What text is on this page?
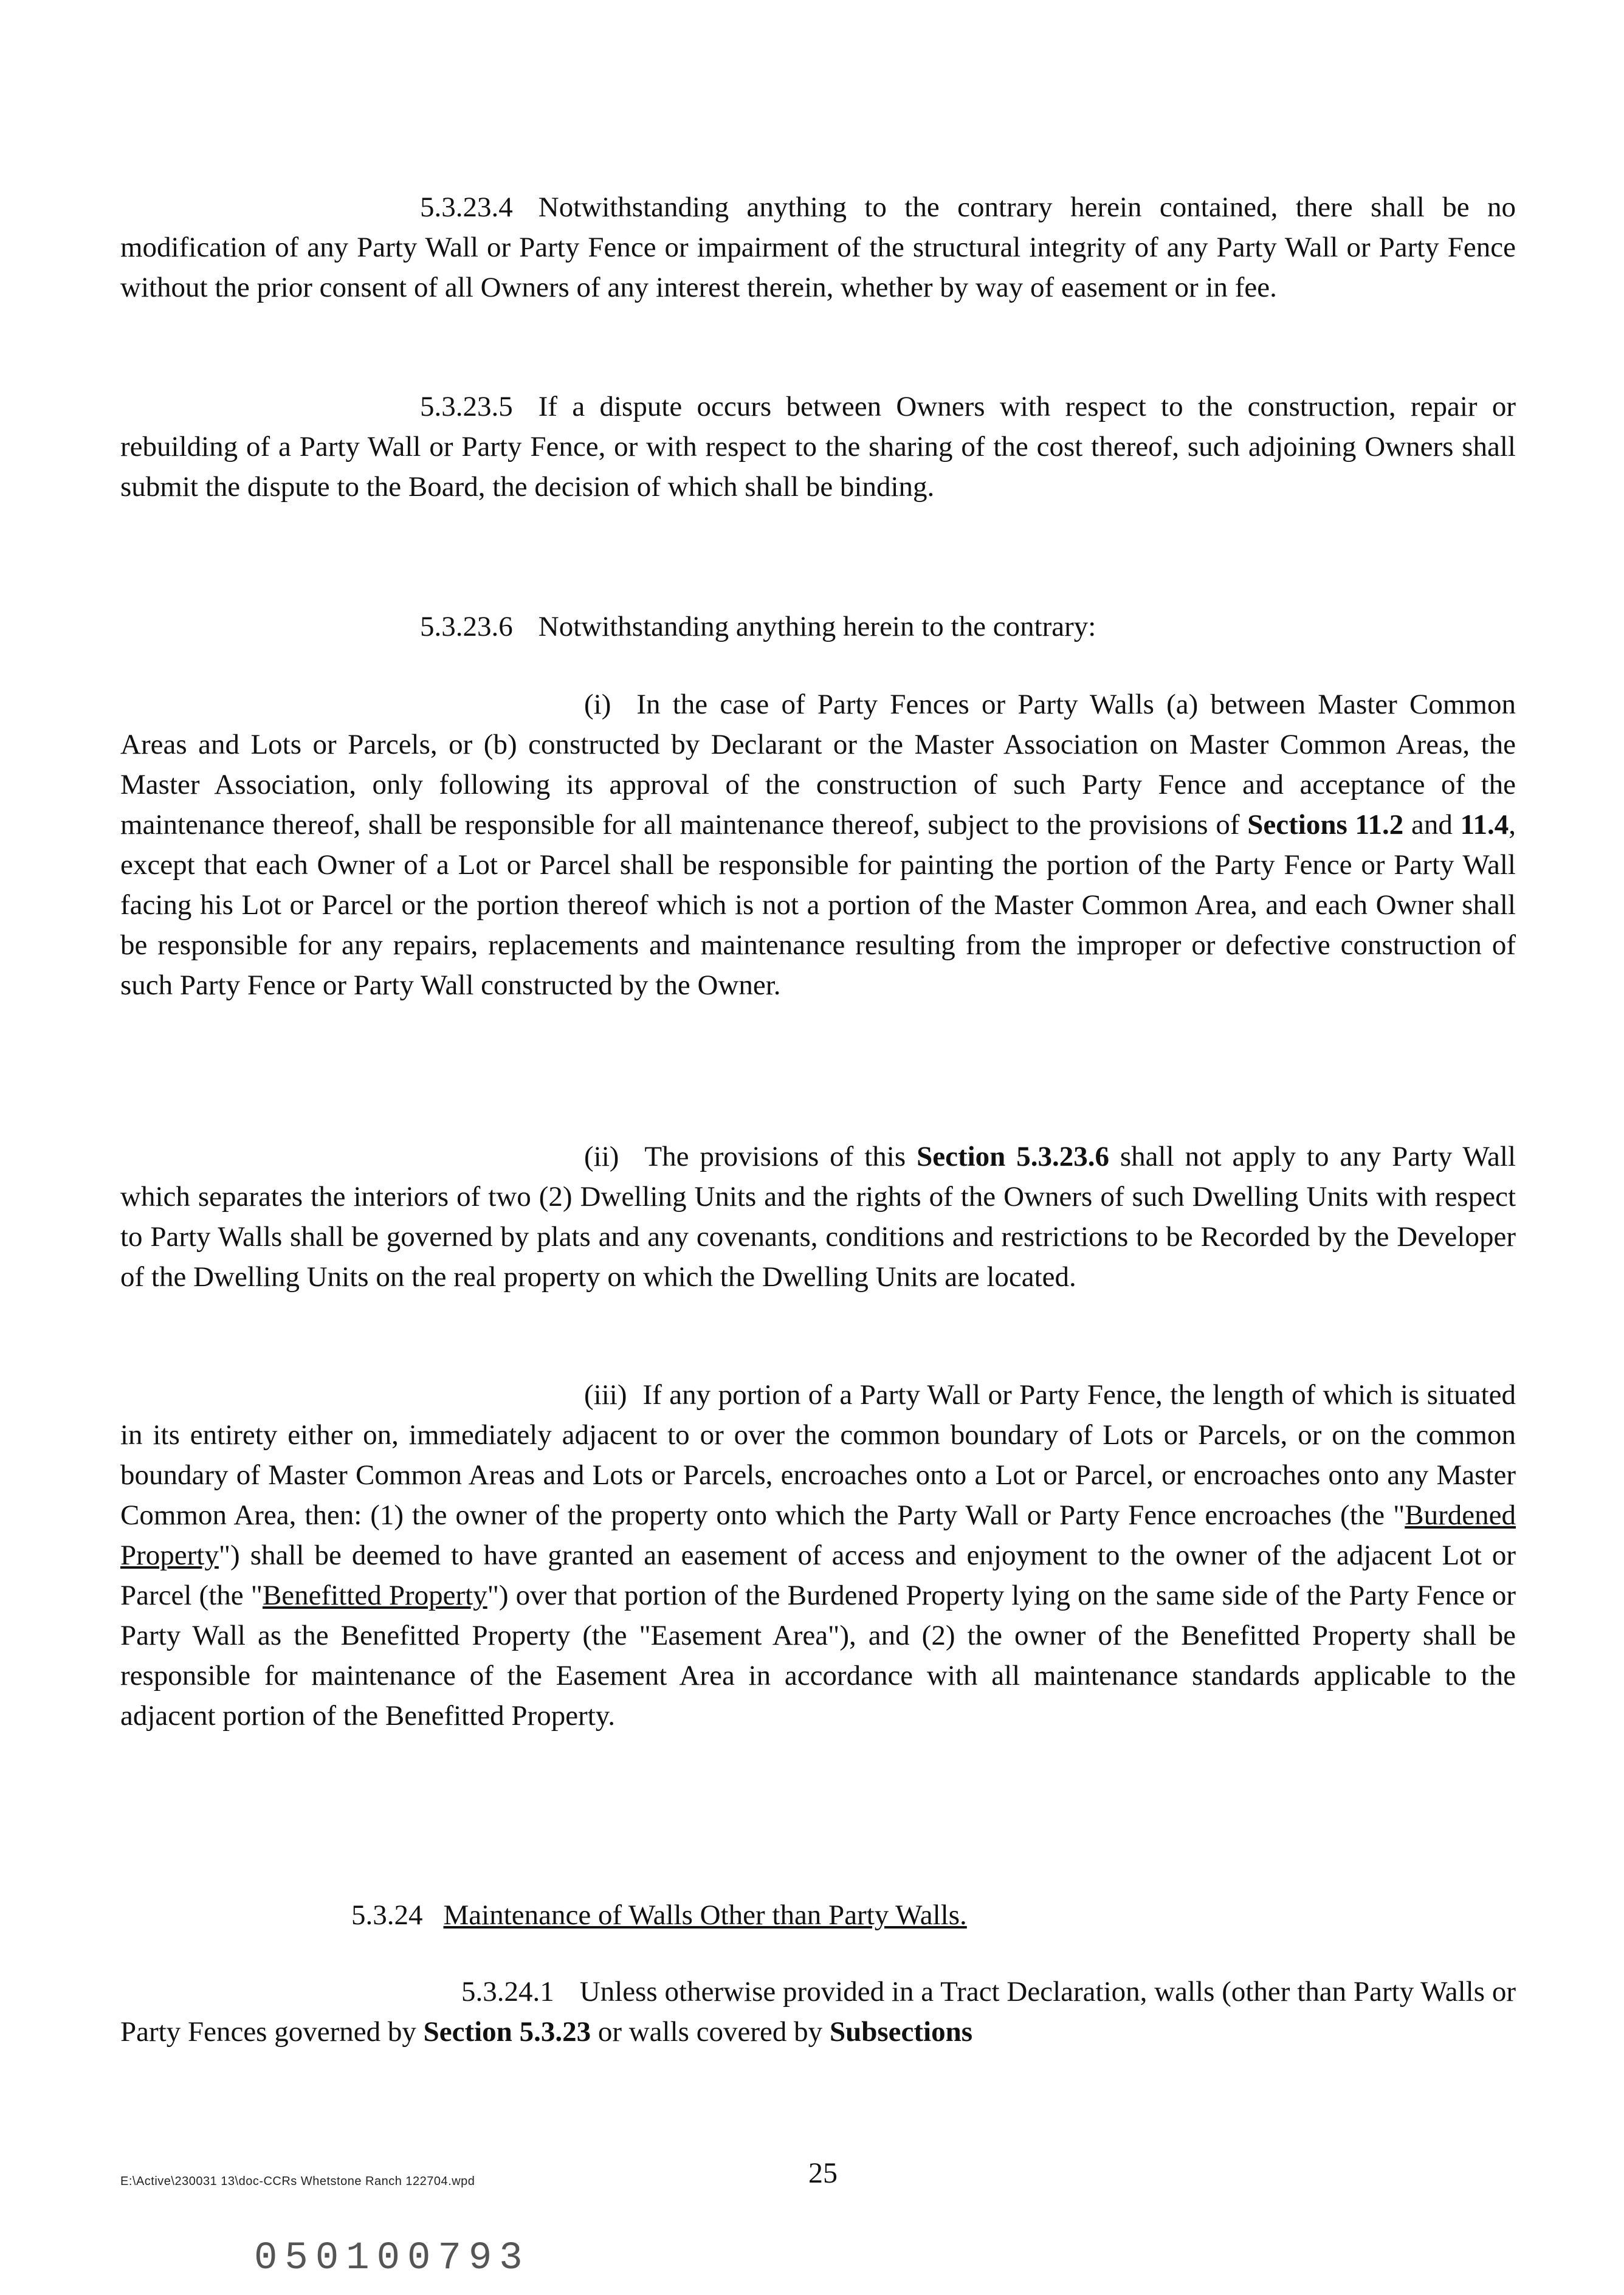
5.3.23.4 Notwithstanding anything to the contrary herein contained, there shall be no modification of any Party Wall or Party Fence or impairment of the structural integrity of any Party Wall or Party Fence without the prior consent of all Owners of any interest therein, whether by way of easement or in fee.

5.3.23.5 If a dispute occurs between Owners with respect to the construction, repair or rebuilding of a Party Wall or Party Fence, or with respect to the sharing of the cost thereof, such adjoining Owners shall submit the dispute to the Board, the decision of which shall be binding.

5.3.23.6 Notwithstanding anything herein to the contrary:

(i) In the case of Party Fences or Party Walls (a) between Master Common Areas and Lots or Parcels, or (b) constructed by Declarant or the Master Association on Master Common Areas, the Master Association, only following its approval of the construction of such Party Fence and acceptance of the maintenance thereof, shall be responsible for all maintenance thereof, subject to the provisions of Sections 11.2 and 11.4, except that each Owner of a Lot or Parcel shall be responsible for painting the portion of the Party Fence or Party Wall facing his Lot or Parcel or the portion thereof which is not a portion of the Master Common Area, and each Owner shall be responsible for any repairs, replacements and maintenance resulting from the improper or defective construction of such Party Fence or Party Wall constructed by the Owner.

(ii) The provisions of this Section 5.3.23.6 shall not apply to any Party Wall which separates the interiors of two (2) Dwelling Units and the rights of the Owners of such Dwelling Units with respect to Party Walls shall be governed by plats and any covenants, conditions and restrictions to be Recorded by the Developer of the Dwelling Units on the real property on which the Dwelling Units are located.

(iii) If any portion of a Party Wall or Party Fence, the length of which is situated in its entirety either on, immediately adjacent to or over the common boundary of Lots or Parcels, or on the common boundary of Master Common Areas and Lots or Parcels, encroaches onto a Lot or Parcel, or encroaches onto any Master Common Area, then: (1) the owner of the property onto which the Party Wall or Party Fence encroaches (the "Burdened Property") shall be deemed to have granted an easement of access and enjoyment to the owner of the adjacent Lot or Parcel (the "Benefitted Property") over that portion of the Burdened Property lying on the same side of the Party Fence or Party Wall as the Benefitted Property (the "Easement Area"), and (2) the owner of the Benefitted Property shall be responsible for maintenance of the Easement Area in accordance with all maintenance standards applicable to the adjacent portion of the Benefitted Property.

5.3.24 Maintenance of Walls Other than Party Walls.

5.3.24.1 Unless otherwise provided in a Tract Declaration, walls (other than Party Walls or Party Fences governed by Section 5.3.23 or walls covered by Subsections

E:\Active\230031 13\doc-CCRs Whetstone Ranch 122704.wpd	25
050100793
